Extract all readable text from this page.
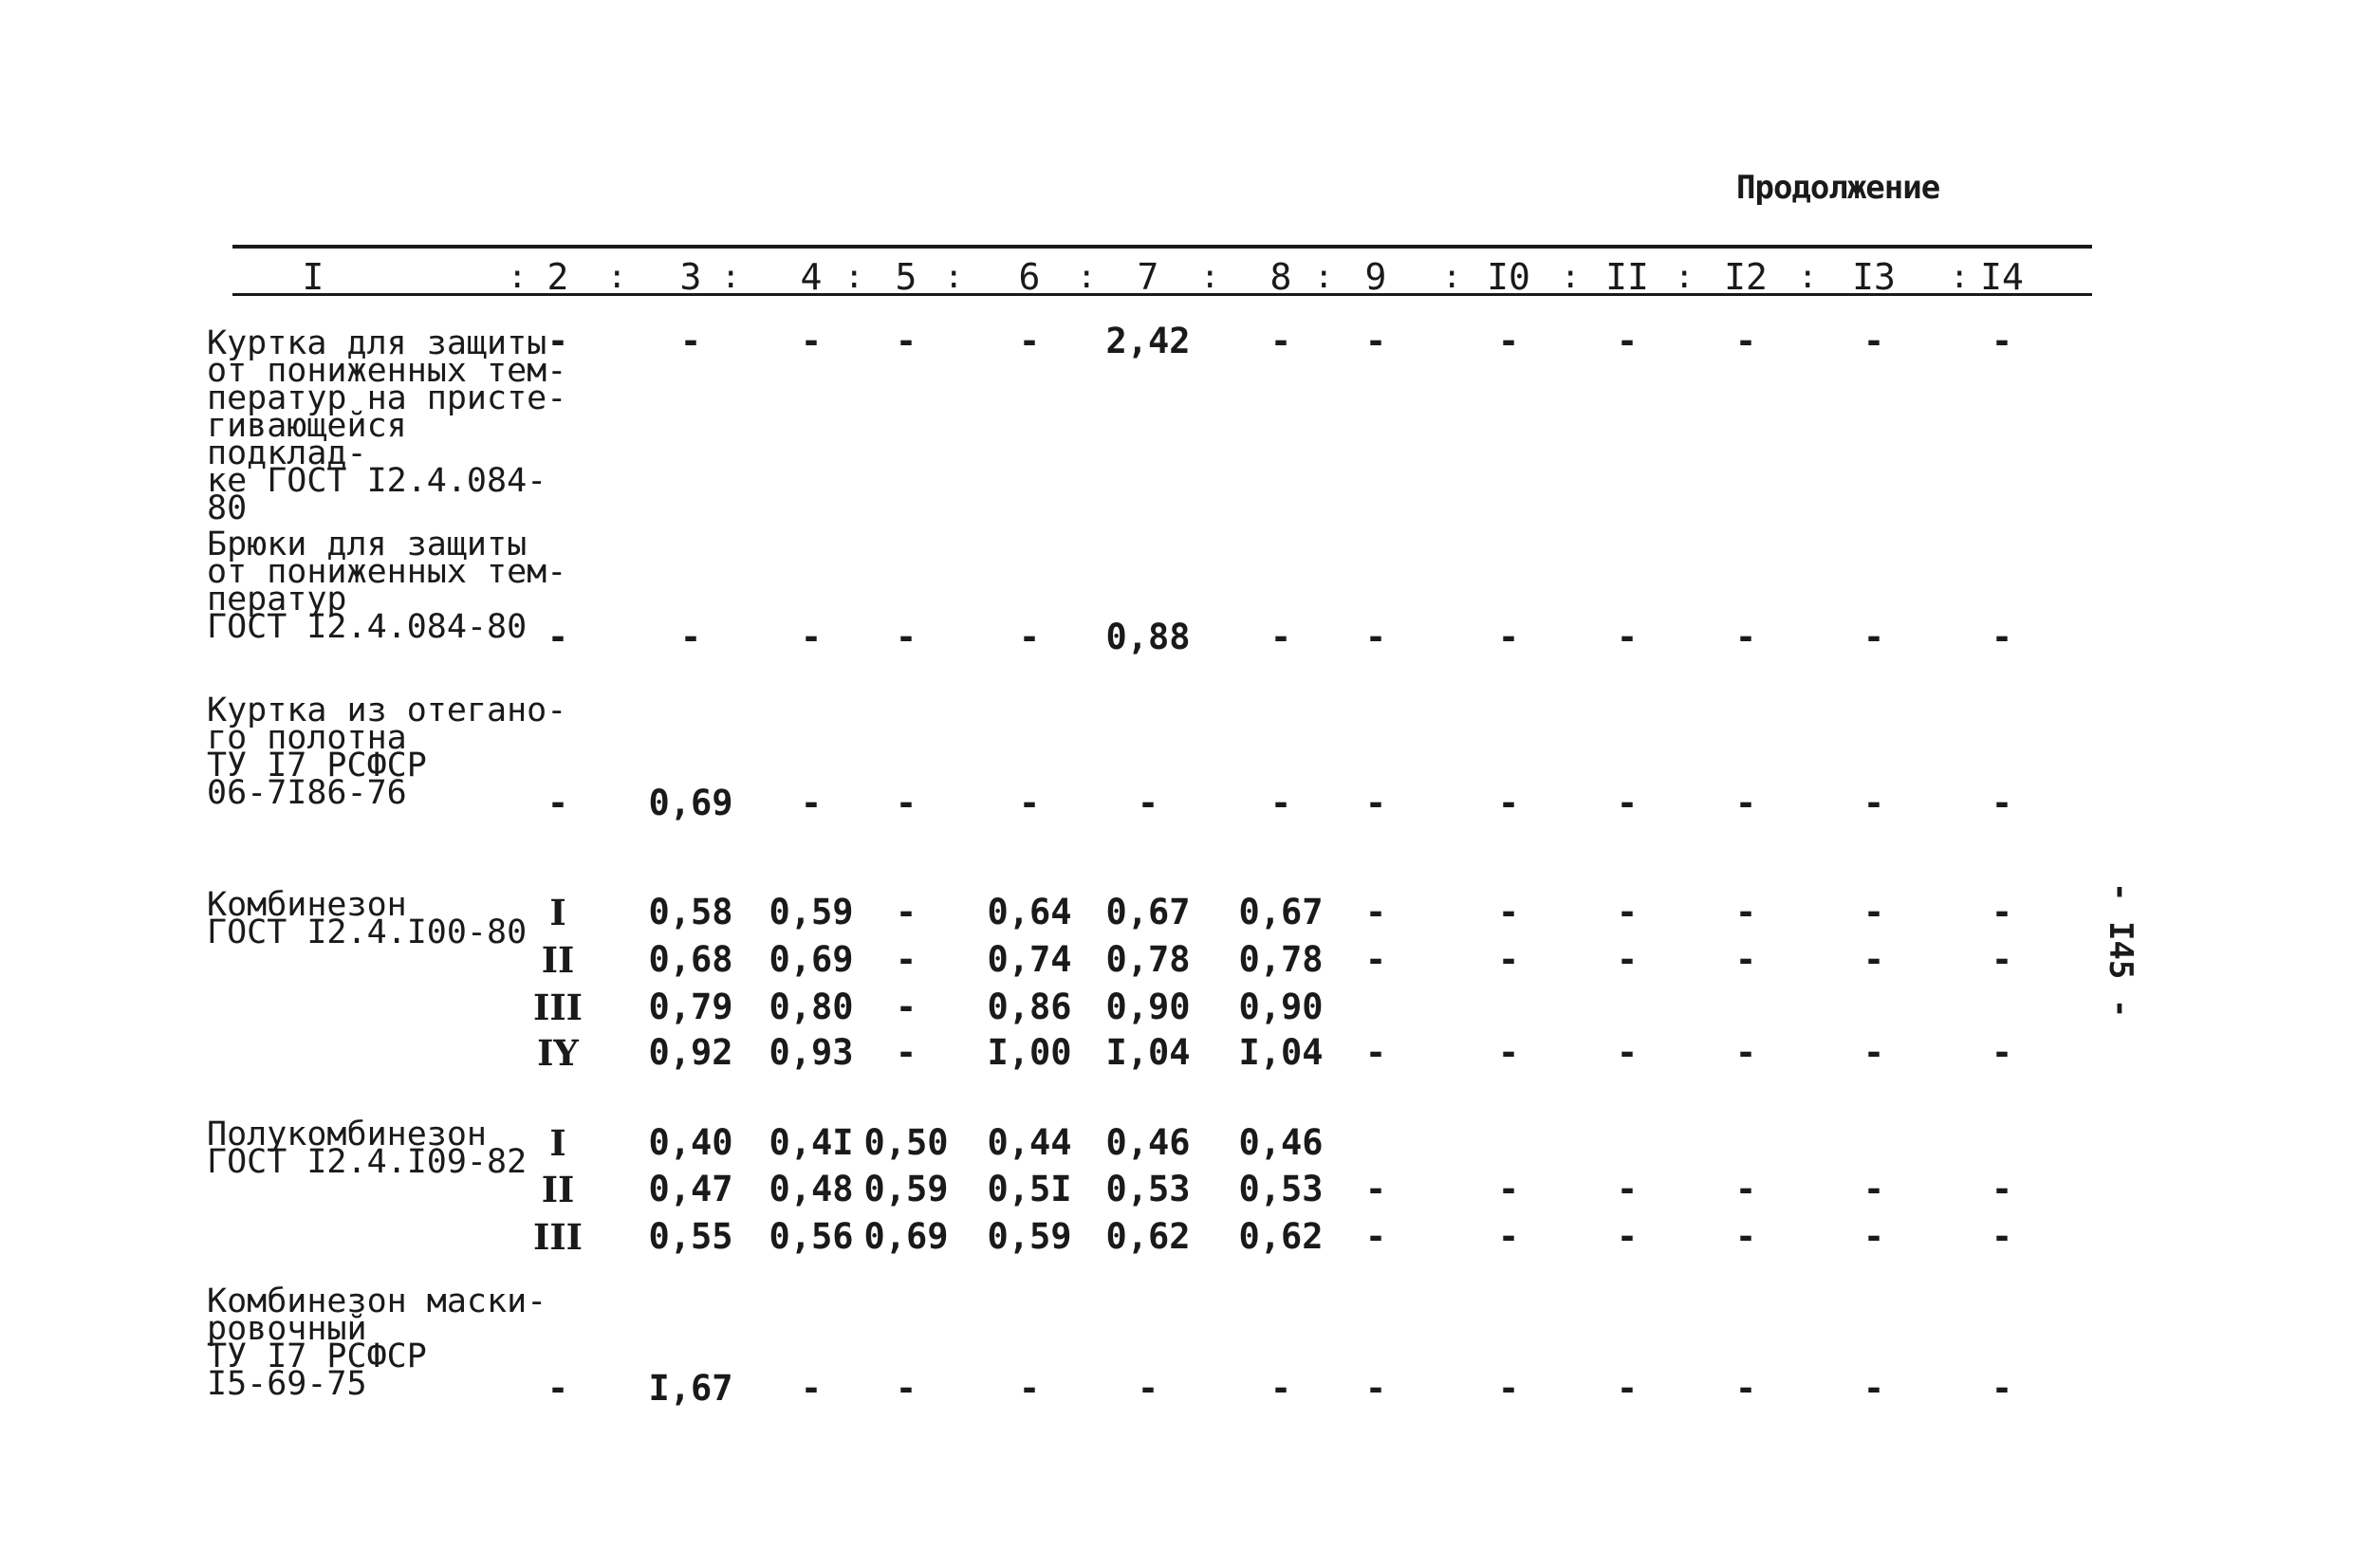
Продолжение
I	2	3	4	5	6	7	8	9	I0	II	I2	I3	I4
: :	:	: :	:	:	:	:	:	:	:	:
Куртка для защиты
от пониженных тем-
ператур на присте-
гивающейся подклад-
ке ГОСТ I2.4.084-80
-	-	-	-	-	2,42	-	-	-	-	-	-	-
Брюки для защиты
от пониженных тем-
ператур
ГОСТ I2.4.084-80 -	-	-	-	-	0,88	-	-	-	-	-	-	-
Куртка из отегано-
го полотна
ТУ I7 РСФСР
06-7I86-76	-	0,69	-	-	-	-	-	-	-	-	-	-	-
Комбинезон
ГОСТ I2.4.I00-80 I	0,58	0,59	-	0,64 0,67	0,67	-	-	-	-	-	-
II	0,68	0,69	-	0,74 0,78	0,78	-	-	-	-	-	-
III	0,79	0,80	-	0,86 0,90	0,90
IY	0,92	0,93	-	I,00 I,04	I,04	-	-	-	-	-	-
Полукомбинезон
ГОСТ I2.4.I09-82 I	0,40	0,4I 0,50	0,44 0,46	0,46
II	0,47	0,48 0,59	0,5I 0,53	0,53	-	-	-	-	-	-
III	0,55	0,56 0,69	0,59 0,62	0,62	-	-	-	-	-	-
Комбинезон маски-
ровочный
ТУ I7 РСФСР
I5-69-75	-	I,67	-	-	-	-	-	-	-	-	-	-	-
- I45 -
